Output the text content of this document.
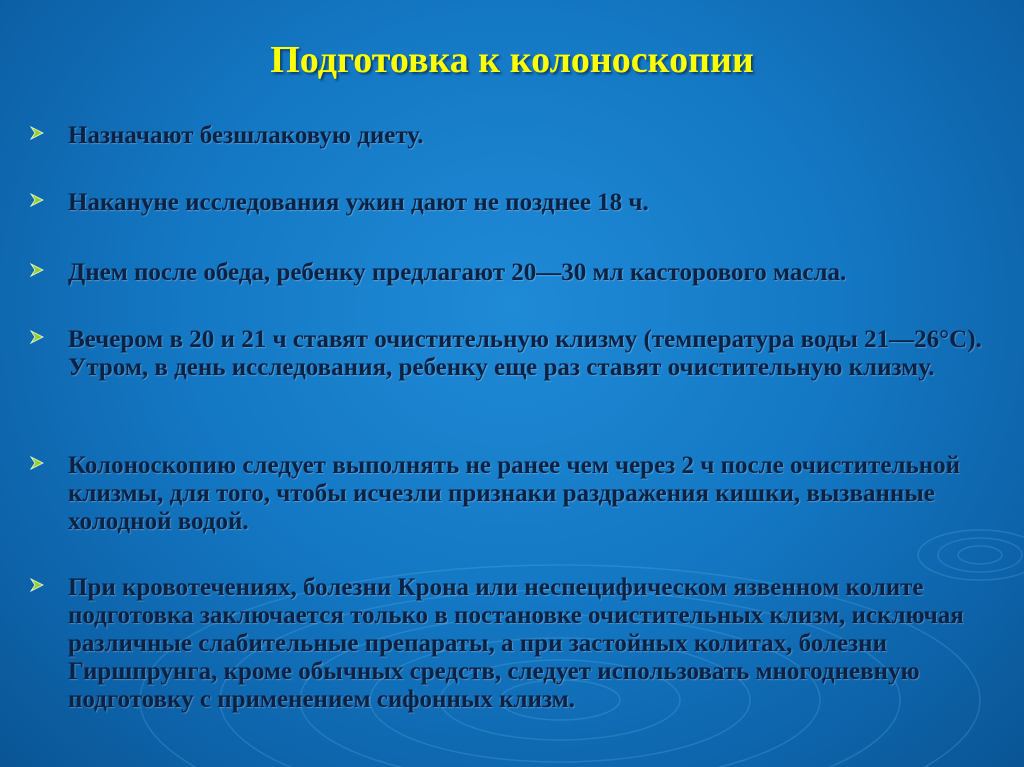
Подготовка к колоноскопии
Назначают безшлаковую диету.
Накануне исследования ужин дают не позднее 18 ч.
Днем после обеда, ребенку предлагают 20—30 мл касторового масла.
Вечером в 20 и 21 ч ставят очистительную клизму (температура воды 21—26°С). Утром, в день исследования, ребенку еще раз ставят очистительную клизму.
Колоноскопию следует выполнять не ранее чем через 2 ч после очистительной клизмы, для того, чтобы исчезли признаки раздражения кишки, вызванные холодной водой.
При кровотечениях, болезни Крона или неспецифическом язвенном колите подготовка заключается только в постановке очистительных клизм, исключая различные слабительные препараты, а при застойных колитах, болезни Гиршпрунга, кроме обычных средств, следует использовать многодневную подготовку с применением сифонных клизм.
